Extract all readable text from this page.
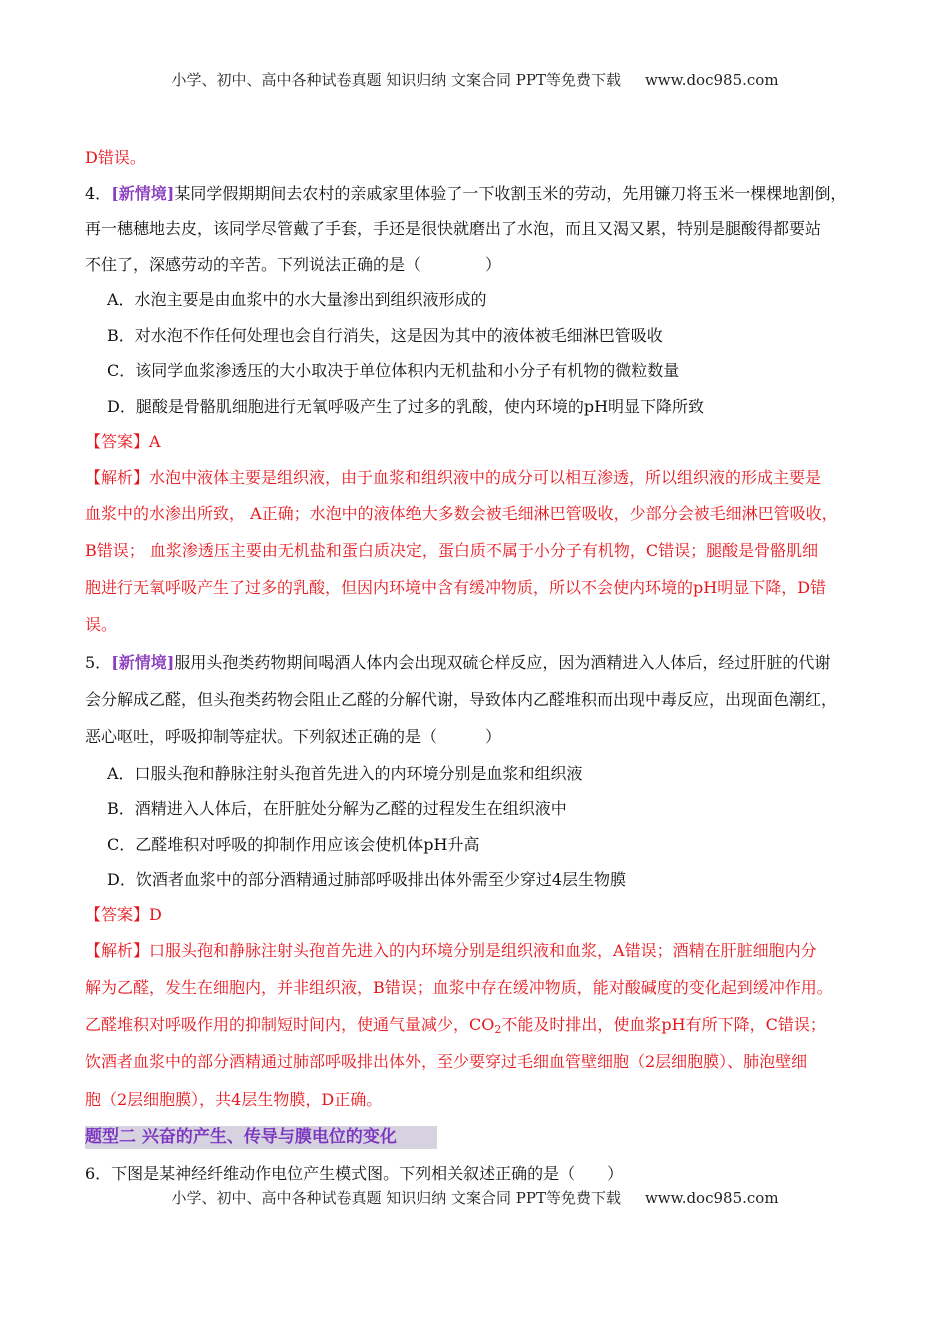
小学、初中、高中各种试卷真题 知识归纳 文案合同 PPT等免费下载 www.doc985.com
D错误。
4．[新情境]某同学假期期间去农村的亲戚家里体验了一下收割玉米的劳动，先用镰刀将玉米一棵棵地割倒，
再一穗穗地去皮，该同学尽管戴了手套，手还是很快就磨出了水泡，而且又渴又累，特别是腿酸得都要站
不住了，深感劳动的辛苦。下列说法正确的是（　　　　）
A．水泡主要是由血浆中的水大量渗出到组织液形成的
B．对水泡不作任何处理也会自行消失，这是因为其中的液体被毛细淋巴管吸收
C．该同学血浆渗透压的大小取决于单位体积内无机盐和小分子有机物的微粒数量
D．腿酸是骨骼肌细胞进行无氧呼吸产生了过多的乳酸，使内环境的pH明显下降所致
【答案】A
【解析】水泡中液体主要是组织液，由于血浆和组织液中的成分可以相互渗透，所以组织液的形成主要是
血浆中的水渗出所致， A正确；水泡中的液体绝大多数会被毛细淋巴管吸收，少部分会被毛细淋巴管吸收，
B错误； 血浆渗透压主要由无机盐和蛋白质决定，蛋白质不属于小分子有机物，C错误；腿酸是骨骼肌细
胞进行无氧呼吸产生了过多的乳酸，但因内环境中含有缓冲物质，所以不会使内环境的pH明显下降，D错
误。
5．[新情境]服用头孢类药物期间喝酒人体内会出现双硫仑样反应，因为酒精进入人体后，经过肝脏的代谢
会分解成乙醛，但头孢类药物会阻止乙醛的分解代谢，导致体内乙醛堆积而出现中毒反应，出现面色潮红，
恶心呕吐，呼吸抑制等症状。下列叙述正确的是（　　　）
A．口服头孢和静脉注射头孢首先进入的内环境分别是血浆和组织液
B．酒精进入人体后，在肝脏处分解为乙醛的过程发生在组织液中
C．乙醛堆积对呼吸的抑制作用应该会使机体pH升高
D．饮酒者血浆中的部分酒精通过肺部呼吸排出体外需至少穿过4层生物膜
【答案】D
【解析】口服头孢和静脉注射头孢首先进入的内环境分别是组织液和血浆，A错误；酒精在肝脏细胞内分
解为乙醛，发生在细胞内，并非组织液，B错误；血浆中存在缓冲物质，能对酸碱度的变化起到缓冲作用。
乙醛堆积对呼吸作用的抑制短时间内，使通气量减少，$CO_2$不能及时排出，使血浆pH有所下降，C错误；
饮酒者血浆中的部分酒精通过肺部呼吸排出体外，至少要穿过毛细血管壁细胞（2层细胞膜）、肺泡壁细
胞（2层细胞膜），共4层生物膜，D正确。
题型二 兴奋的产生、传导与膜电位的变化
6．下图是某神经纤维动作电位产生模式图。下列相关叙述正确的是（　　）
小学、初中、高中各种试卷真题 知识归纳 文案合同 PPT等免费下载 www.doc985.com
